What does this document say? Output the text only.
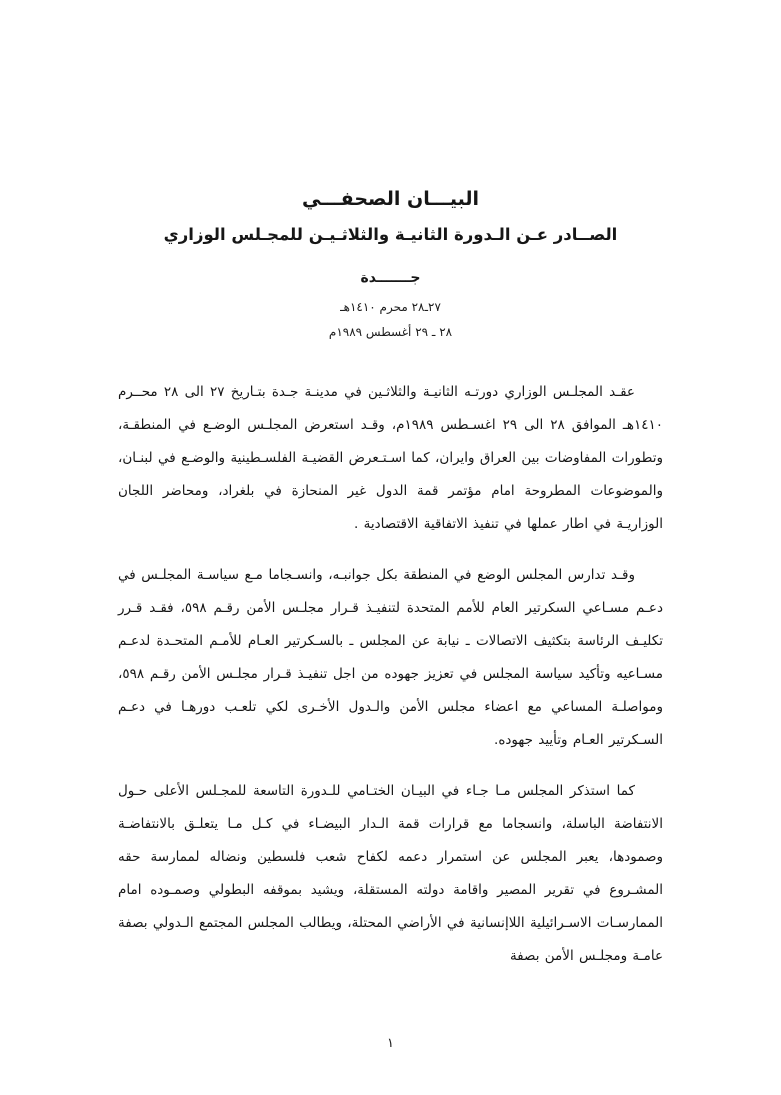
البيـــان الصحفـــي
الصــادر عـن الـدورة الثانيـة والثلاثـيـن للمجـلس الوزاري
جـــــــدة
٢٧ـ٢٨ محرم ١٤١٠هـ
٢٨ ـ ٢٩ أغسطس ١٩٨٩م

عقـد المجلـس الوزاري دورتـه الثانيـة والثلاثـين في مدينـة جـدة بتـاريخ ٢٧ الى ٢٨ محــرم ١٤١٠هـ الموافق ٢٨ الى ٢٩ اغسـطس ١٩٨٩م، وقـد استعرض المجلـس الوضـع في المنطقـة، وتطورات المفاوضات بين العراق وايران، كما اسـتـعرض القضيـة الفلسـطينية والوضـع في لبنـان، والموضوعات المطروحة امام مؤتمر قمة الدول غير المنحازة في بلغراد، ومحاضر اللجان الوزاريـة في اطار عملها في تنفيذ الاتفاقية الاقتصادية .

وقـد تدارس المجلس الوضع في المنطقة بكل جوانبـه، وانسـجاما مـع سياسـة المجلـس في دعـم مسـاعي السكرتير العام للأمم المتحدة لتنفيـذ قـرار مجلـس الأمن رقـم ٥٩٨، فقـد قـرر تكليـف الرئاسة بتكثيف الاتصالات ـ نيابة عن المجلس ـ بالسـكرتير العـام للأمـم المتحـدة لدعـم مسـاعيه وتأكيد سياسة المجلس في تعزيز جهوده من اجل تنفيـذ قـرار مجلـس الأمن رقـم ٥٩٨، ومواصلـة المساعي مع اعضاء مجلس الأمن والـدول الأخـرى لكي تلعـب دورهـا في دعـم السـكرتير العـام وتأييد جهوده.

كما استذكر المجلس مـا جـاء في البيـان الختـامي للـدورة التاسعة للمجـلس الأعلى حـول الانتفاضة الباسلة، وانسجاما مع قرارات قمة الـدار البيضـاء في كـل مـا يتعلـق بالانتفاضـة وصمودها، يعبر المجلس عن استمرار دعمه لكفاح شعب فلسطين ونضاله لممارسة حقه المشـروع في تقرير المصير واقامة دولته المستقلة، ويشيد بموقفه البطولي وصمـوده امام الممارسـات الاسـرائيلية اللاإنسانية في الأراضي المحتلة، ويطالب المجلس المجتمع الـدولي بصفة عامـة ومجلـس الأمن بصفة

١
